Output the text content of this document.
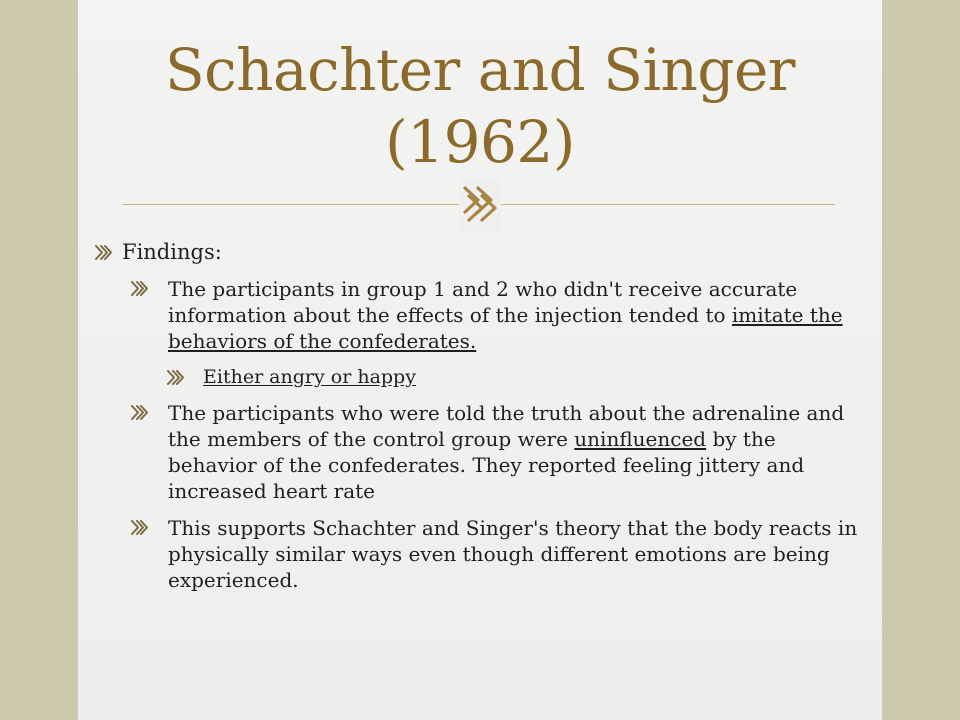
Schachter and Singer (1962)
Findings:
The participants in group 1 and 2 who didn't receive accurate information about the effects of the injection tended to imitate the behaviors of the confederates.
Either angry or happy
The participants who were told the truth about the adrenaline and the members of the control group were uninfluenced by the behavior of the confederates. They reported feeling jittery and increased heart rate
This supports Schachter and Singer's theory that the body reacts in physically similar ways even though different emotions are being experienced.
